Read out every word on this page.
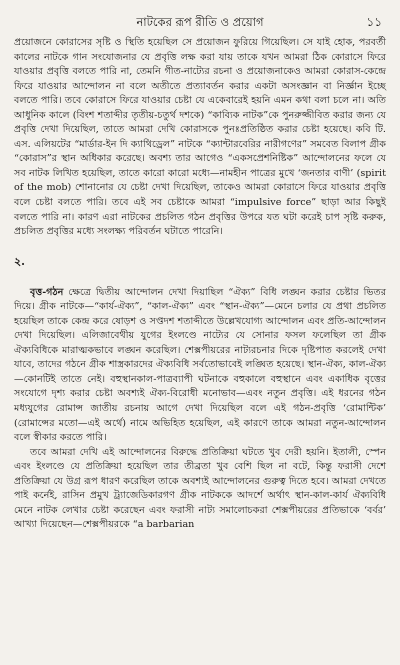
নাটকের রূপ রীতি ও প্রয়োগ	১১

প্রয়োজনে কোরাসের সৃষ্টি ও স্থিতি হয়েছিল সে প্রয়োজন ফুরিয়ে গিয়েছিল। সে যাই হোক, পরবর্তী কালের নাটকে গান সংযোজনার যে প্রবৃত্তি লক্ষ করা যায় তাকে যখন আমরা ঠিক কোরাসে ফিরে যাওয়ার প্রবৃত্তি বলতে পারি না, তেমনি গীত-নাট্যের রচনা ও প্রয়োজনাকেও আমরা কোরাস-কেন্দ্রে ফিরে যাওয়ার আন্দোলন না বলে অতীতে প্রত্যাবর্তন করার একটা অসংজ্ঞান বা নির্জ্ঞান ইচ্ছে বলতে পারি। তবে কোরাসে ফিরে যাওয়ার চেষ্টা যে একেবারেই হয়নি এমন কথা বলা চলে না। অতি আধুনিক কালে (বিংশ শতাব্দীর তৃতীয়-চতুর্থ দশকে) “কাব্যিক নাটক”কে পুনরুজ্জীবিত করার জন্য যে প্রবৃত্তি দেখা দিয়েছিল, তাতে আমরা দেখি কোরাসকে পুনঃপ্রতিষ্ঠিত করার চেষ্টা হয়েছে। কবি টি. এস. এলিয়টের “মার্ডার-ইন দি ক্যাথিড্রেল” নাটকে “ক্যান্টারবেরির নারীগণের” সমবেত বিলাপ গ্রীক “কোরাস”র স্থান অধিকার করেছে। অবশ্য তার আগেও “একসপ্রেশনিষ্টিক” আন্দোলনের ফলে যে সব নাটক লিখিত হয়েছিল, তাতে কারো কারো মধ্যে—নামহীন পাত্রের মুখে ‘জনতার বাণী’ (spirit of the mob) শোনানোর যে চেষ্টা দেখা দিয়েছিল, তাকেও আমরা কোরাসে ফিরে যাওয়ার প্রবৃত্তি বলে চেষ্টা বলতে পারি। তবে এই সব চেষ্টাকে আমরা “impulsive force” ছাড়া আর কিছুই বলতে পারি না। কারণ এরা নাটকের প্রচলিত গঠন প্রবৃত্তির উপরে যত ঘটা করেই চাপ সৃষ্টি করুক, প্রচলিত প্রবৃত্তির মধ্যে সংলক্ষ্য পরিবর্তন ঘটাতে পারেনি।

২.

বৃত্ত-গঠন ক্ষেত্রে দ্বিতীয় আন্দোলন দেখা দিয়াছিল “ঐক্য” বিধি লঙ্ঘন করার চেষ্টার ভিতর দিয়ে। গ্রীক নাটকে—“কার্য-ঐক্য”, “কাল-ঐক্য” এবং “স্থান-ঐক্য”—মেনে চলার যে প্রথা প্রচলিত হয়েছিল তাকে কেন্দ্র করে ষোড়শ ও সপ্তদশ শতাব্দীতে উল্লেখযোগ্য আন্দোলন এবং প্রতি-আন্দোলন দেখা দিয়েছিল। এলিজাবেথীয় যুগের ইংলণ্ডে নাট্যের যে সোনার ফসল ফলেছিল তা গ্রীক ঐক্যবিধিকে মারাত্মকভাবে লঙ্ঘন করেছিল। শেক্সপীয়রের নাট্যরচনার দিকে দৃষ্টিপাত করলেই দেখা যাবে, তাদের গঠনে গ্রীক শাস্ত্রকারদের ঐক্যবিধি সর্বতোভাবেই লঙ্ঘিত হয়েছে। স্থান-ঐক্য, কাল-ঐক্য—কোনটিই তাতে নেই। বহুস্থানকাল-পাত্রব্যাপী ঘটনাকে বহুকালে বহুস্থানে এবং একাধিক বৃত্তের সংযোগে দৃশ্য করার চেষ্টা অবশ্যই ঐক্য-বিরোধী মনোভাব—এবং নতুন প্রবৃত্তি। এই ধরনের গঠন মধ্যযুগের রোমান্স জাতীয় রচনায় আগে দেখা দিয়েছিল বলে এই গঠন-প্রবৃত্তি ‘রোমান্টিক’ (রোমান্সের মতো—এই অর্থে) নামে অভিহিত হয়েছিল, এই কারণে তাকে আমরা নতুন-আন্দোলন বলে স্বীকার করতে পারি।

তবে আমরা দেখি এই আন্দোলনের বিরুদ্ধে প্রতিক্রিয়া ঘটতে খুব দেরী হয়নি। ইতালী, স্পেন এবং ইংলণ্ডে যে প্রতিক্রিয়া হয়েছিল তার তীব্রতা খুব বেশি ছিল না বটে, কিন্তু ফরাসী দেশে প্রতিক্রিয়া যে উগ্র রূপ ধারণ করেছিল তাকে অবশ্যই আন্দোলনের গুরুত্ব দিতে হবে। আমরা দেখতে পাই কর্নেই, রাসিন প্রমুখ ট্র্যাজেডিকারগণ গ্রীক নাটককে আদর্শে অর্থাৎ স্থান-কাল-কার্য ঐক্যবিধি মেনে নাটক লেখার চেষ্টা করেছেন এবং ফরাসী নাট্য সমালোচকরা শেক্সপীয়রের প্রতিভাকে ‘বর্বর’ আখ্যা দিয়েছেন—শেক্সপীয়রকে “a barbarian
